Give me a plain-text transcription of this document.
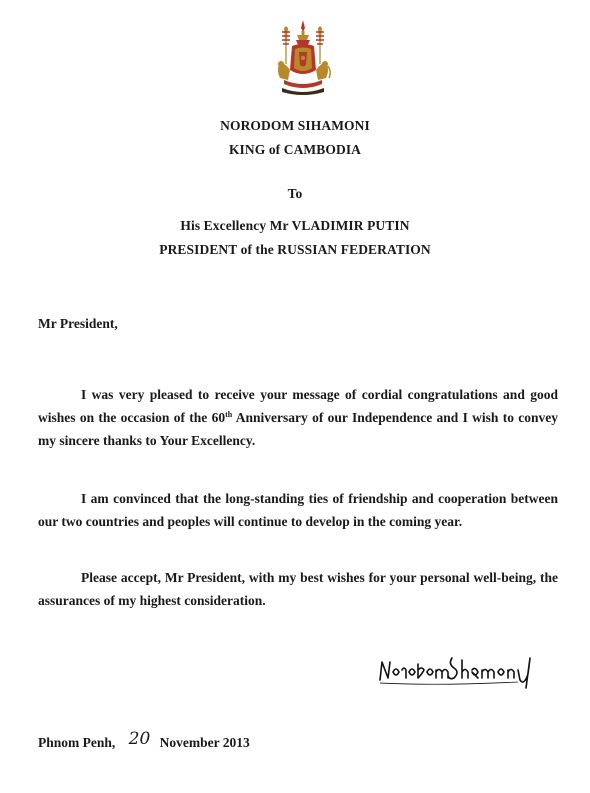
NORODOM SIHAMONI
KING of CAMBODIA
To
His Excellency Mr VLADIMIR PUTIN
PRESIDENT of the RUSSIAN FEDERATION
Mr President,
I was very pleased to receive your message of cordial congratulations and good wishes on the occasion of the 60th Anniversary of our Independence and I wish to convey my sincere thanks to Your Excellency.
I am convinced that the long-standing ties of friendship and cooperation between our two countries and peoples will continue to develop in the coming year.
Please accept, Mr President, with my best wishes for your personal well-being, the assurances of my highest consideration.
Phnom Penh, 20 November 2013
